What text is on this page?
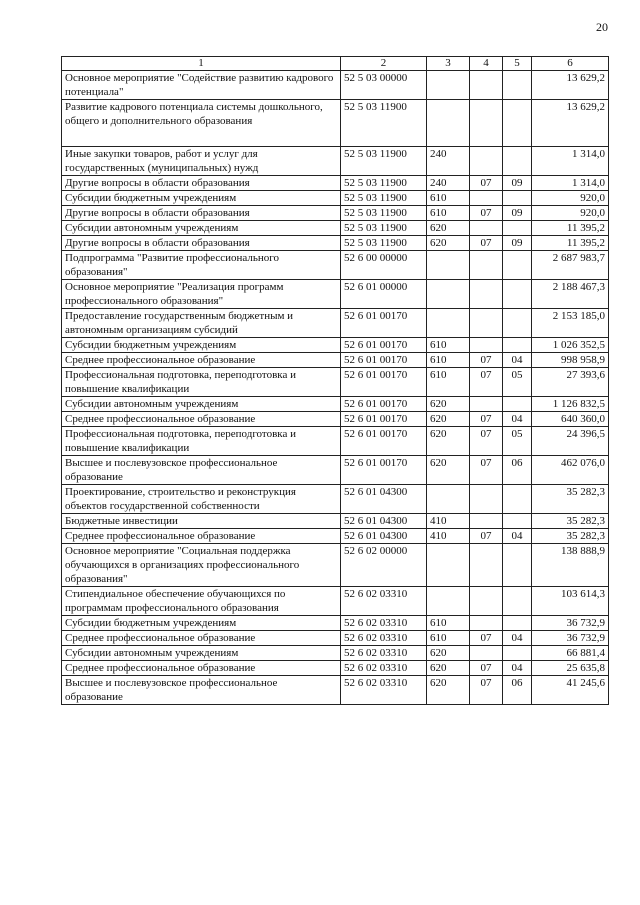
20
1	2	3	4	5	6
Основное мероприятие "Содействие развитию кадрового потенциала"	52 5 03 00000				13 629,2
Развитие кадрового потенциала системы дошкольного, общего и дополнительного образования	52 5 03 11900				13 629,2
Иные закупки товаров, работ и услуг для государственных (муниципальных) нужд	52 5 03 11900	240			1 314,0
Другие вопросы в области образования	52 5 03 11900	240	07	09	1 314,0
Субсидии бюджетным учреждениям	52 5 03 11900	610			920,0
Другие вопросы в области образования	52 5 03 11900	610	07	09	920,0
Субсидии автономным учреждениям	52 5 03 11900	620			11 395,2
Другие вопросы в области образования	52 5 03 11900	620	07	09	11 395,2
Подпрограмма "Развитие профессионального образования"	52 6 00 00000				2 687 983,7
Основное мероприятие "Реализация программ профессионального образования"	52 6 01 00000				2 188 467,3
Предоставление государственным бюджетным и автономным организациям субсидий	52 6 01 00170				2 153 185,0
Субсидии бюджетным учреждениям	52 6 01 00170	610			1 026 352,5
Среднее профессиональное образование	52 6 01 00170	610	07	04	998 958,9
Профессиональная подготовка, переподготовка и повышение квалификации	52 6 01 00170	610	07	05	27 393,6
Субсидии автономным учреждениям	52 6 01 00170	620			1 126 832,5
Среднее профессиональное образование	52 6 01 00170	620	07	04	640 360,0
Профессиональная подготовка, переподготовка и повышение квалификации	52 6 01 00170	620	07	05	24 396,5
Высшее и послевузовское профессиональное образование	52 6 01 00170	620	07	06	462 076,0
Проектирование, строительство и реконструкция объектов государственной собственности	52 6 01 04300				35 282,3
Бюджетные инвестиции	52 6 01 04300	410			35 282,3
Среднее профессиональное образование	52 6 01 04300	410	07	04	35 282,3
Основное мероприятие "Социальная поддержка обучающихся в организациях профессионального образования"	52 6 02 00000				138 888,9
Стипендиальное обеспечение обучающихся по программам профессионального образования	52 6 02 03310				103 614,3
Субсидии бюджетным учреждениям	52 6 02 03310	610			36 732,9
Среднее профессиональное образование	52 6 02 03310	610	07	04	36 732,9
Субсидии автономным учреждениям	52 6 02 03310	620			66 881,4
Среднее профессиональное образование	52 6 02 03310	620	07	04	25 635,8
Высшее и послевузовское профессиональное образование	52 6 02 03310	620	07	06	41 245,6
